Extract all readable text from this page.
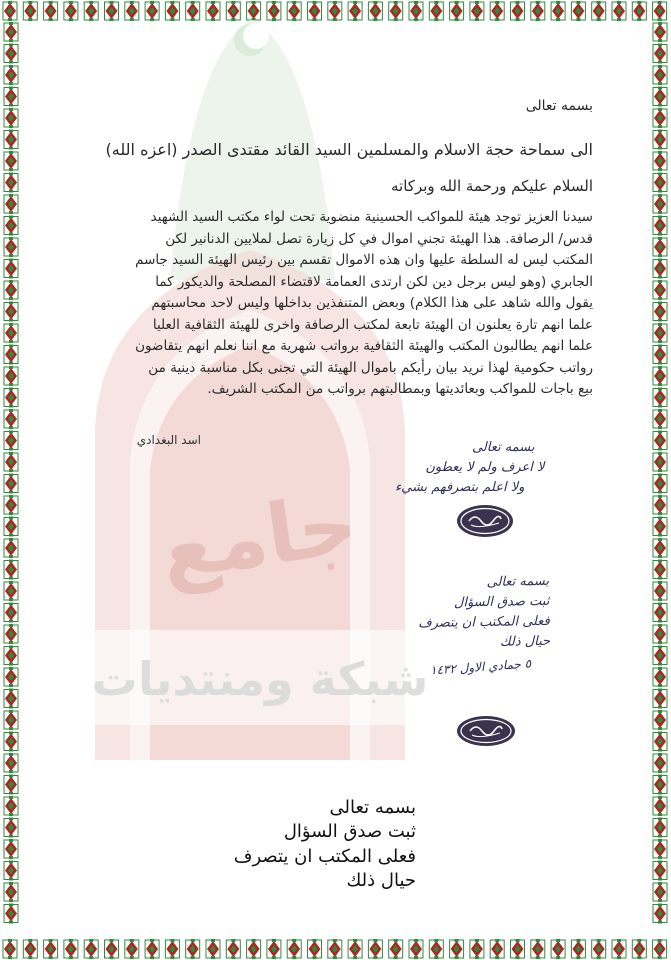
جامع
شبكة ومنتديات
بسمه تعالى
الى سماحة حجة الاسلام والمسلمين السيد القائد مقتدى الصدر (اعزه الله)
السلام عليكم ورحمة الله وبركاته
سيدنا العزيز توجد هيئة للمواكب الحسينية منضوية تحت لواء مكتب السيد الشهيد
قدس/ الرصافة. هذا الهيئة تجني اموال في كل زيارة تصل لملايين الدنانير لكن
المكتب ليس له السلطة عليها وان هذه الاموال تقسم بين رئيس الهيئة السيد جاسم
الجابري (وهو ليس برجل دين لكن ارتدى العمامة لاقتضاء المصلحة والديكور كما
يقول والله شاهد على هذا الكلام) وبعض المتنفذين بداخلها وليس لاحد محاسبتهم
علما انهم تارة يعلنون ان الهيئة تابعة لمكتب الرصافة واخرى للهيئة الثقافية العليا
علما انهم يطالبون المكتب والهيئة الثقافية برواتب شهرية مع اننا نعلم انهم يتقاضون
رواتب حكومية لهذا نريد بيان رأيكم باموال الهيئة التي تجنى بكل مناسبة دينية من
بيع باجات للمواكب وبعائديتها وبمطالبتهم برواتب من المكتب الشريف.
اسد البغدادي	بسمه تعالى
لا اعرف ولم لا يعطون
ولا اعلم بتصرفهم بشيء
بسمه تعالى
ثبت صدق السؤال
فعلى المكتب ان يتصرف
حيال ذلك
٥ جمادي الاول ١٤٣٢
بسمه تعالى
ثبت صدق السؤال
فعلى المكتب ان يتصرف
حيال ذلك
